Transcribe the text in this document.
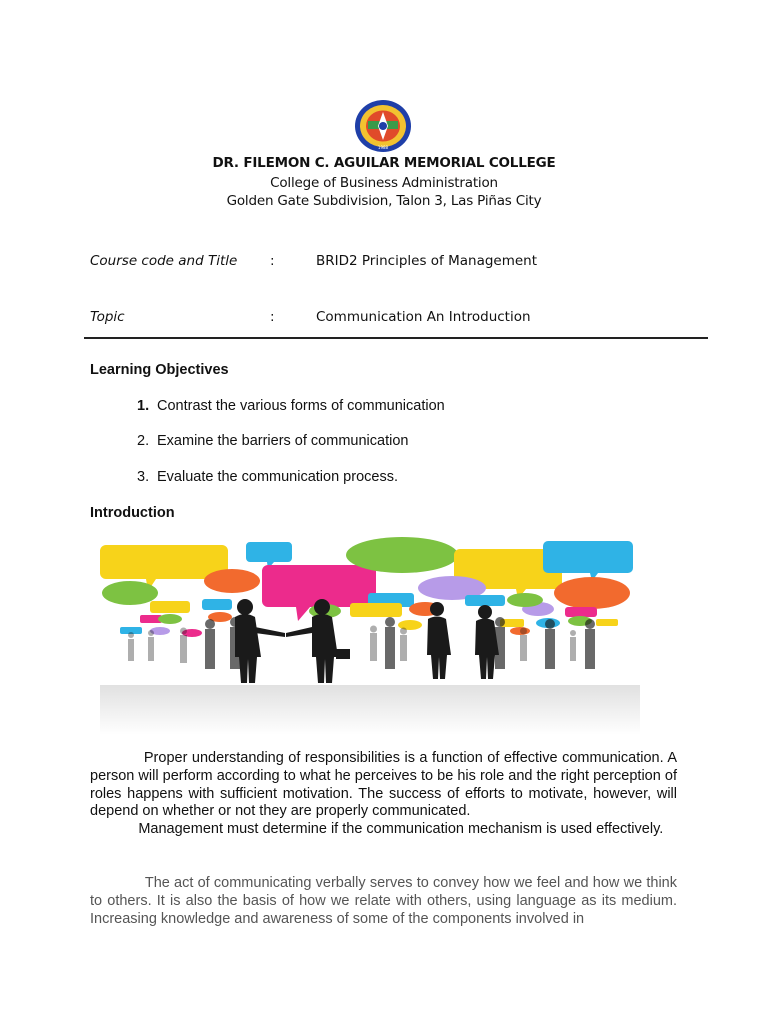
1988
DR. FILEMON C. AGUILAR MEMORIAL COLLEGE
College of Business Administration
Golden Gate Subdivision, Talon 3, Las Piñas City
Course code and Title :	BRID2 Principles of Management
Topic	:	Communication An Introduction
Learning Objectives
1. Contrast the various forms of communication
2. Examine the barriers of communication
3. Evaluate the communication process.
Introduction
Proper understanding of responsibilities is a function of effective communication. A person will perform according to what he perceives to be his role and the right perception of roles happens with sufficient motivation. The success of efforts to motivate, however, will depend on whether or not they are properly communicated.
Management must determine if the communication mechanism is used effectively.
The act of communicating verbally serves to convey how we feel and how we think to others. It is also the basis of how we relate with others, using language as its medium. Increasing knowledge and awareness of some of the components involved in
